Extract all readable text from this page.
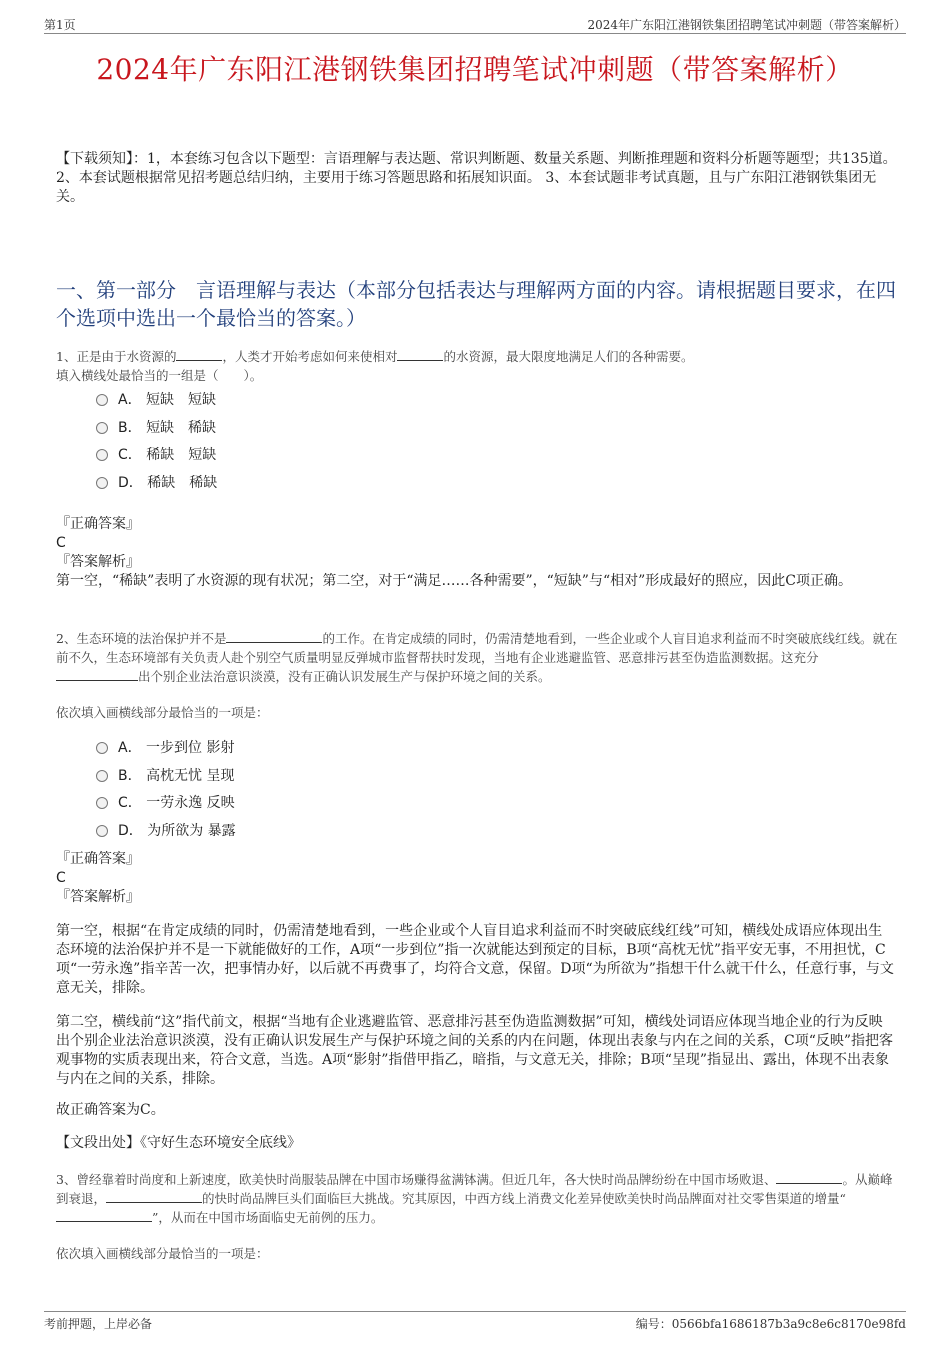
第1页	2024年广东阳江港钢铁集团招聘笔试冲刺题（带答案解析）
2024年广东阳江港钢铁集团招聘笔试冲刺题（带答案解析）
【下载须知】：1，本套练习包含以下题型：言语理解与表达题、常识判断题、数量关系题、判断推理题和资料分析题等题型；共135道。 2、本套试题根据常见招考题总结归纳，主要用于练习答题思路和拓展知识面。 3、本套试题非考试真题，且与广东阳江港钢铁集团无关。
一、第一部分　言语理解与表达（本部分包括表达与理解两方面的内容。请根据题目要求，在四个选项中选出一个最恰当的答案。）
1、正是由于水资源的	，人类才开始考虑如何来使相对	的水资源，最大限度地满足人们的各种需要。
填入横线处最恰当的一组是（　　）。
A． 短缺　短缺
B． 短缺　稀缺
C． 稀缺　短缺
D． 稀缺　稀缺
『正确答案』
C
『答案解析』
第一空，“稀缺”表明了水资源的现有状况；第二空，对于“满足……各种需要”，“短缺”与“相对”形成最好的照应，因此C项正确。
2、生态环境的法治保护并不是	的工作。在肯定成绩的同时，仍需清楚地看到，一些企业或个人盲目追求利益而不时突破底线红线。就在前不久，生态环境部有关负责人赴个别空气质量明显反弹城市监督帮扶时发现，当地有企业逃避监管、恶意排污甚至伪造监测数据。这充分出个别企业法治意识淡漠，没有正确认识发展生产与保护环境之间的关系。
依次填入画横线部分最恰当的一项是：
A． 一步到位 影射
B． 高枕无忧 呈现
C． 一劳永逸 反映
D． 为所欲为 暴露
『正确答案』
C
『答案解析』
第一空，根据“在肯定成绩的同时，仍需清楚地看到，一些企业或个人盲目追求利益而不时突破底线红线”可知，横线处成语应体现出生态环境的法治保护并不是一下就能做好的工作，A项“一步到位”指一次就能达到预定的目标，B项“高枕无忧”指平安无事，不用担忧，C项“一劳永逸”指辛苦一次，把事情办好，以后就不再费事了，均符合文意，保留。D项“为所欲为”指想干什么就干什么，任意行事，与文意无关，排除。
第二空，横线前“这”指代前文，根据“当地有企业逃避监管、恶意排污甚至伪造监测数据”可知，横线处词语应体现当地企业的行为反映出个别企业法治意识淡漠，没有正确认识发展生产与保护环境之间的关系的内在问题，体现出表象与内在之间的关系，C项“反映”指把客观事物的实质表现出来，符合文意，当选。A项“影射”指借甲指乙，暗指，与文意无关，排除；B项“呈现”指显出、露出，体现不出表象与内在之间的关系，排除。
故正确答案为C。
【文段出处】《守好生态环境安全底线》
3、曾经靠着时尚度和上新速度，欧美快时尚服装品牌在中国市场赚得盆满钵满。但近几年，各大快时尚品牌纷纷在中国市场败退、	。从巅峰到衰退，	的快时尚品牌巨头们面临巨大挑战。究其原因，中西方线上消费文化差异使欧美快时尚品牌面对社交零售渠道的增量“”，从而在中国市场面临史无前例的压力。
依次填入画横线部分最恰当的一项是：
考前押题，上岸必备	编号：0566bfa1686187b3a9c8e6c8170e98fd
